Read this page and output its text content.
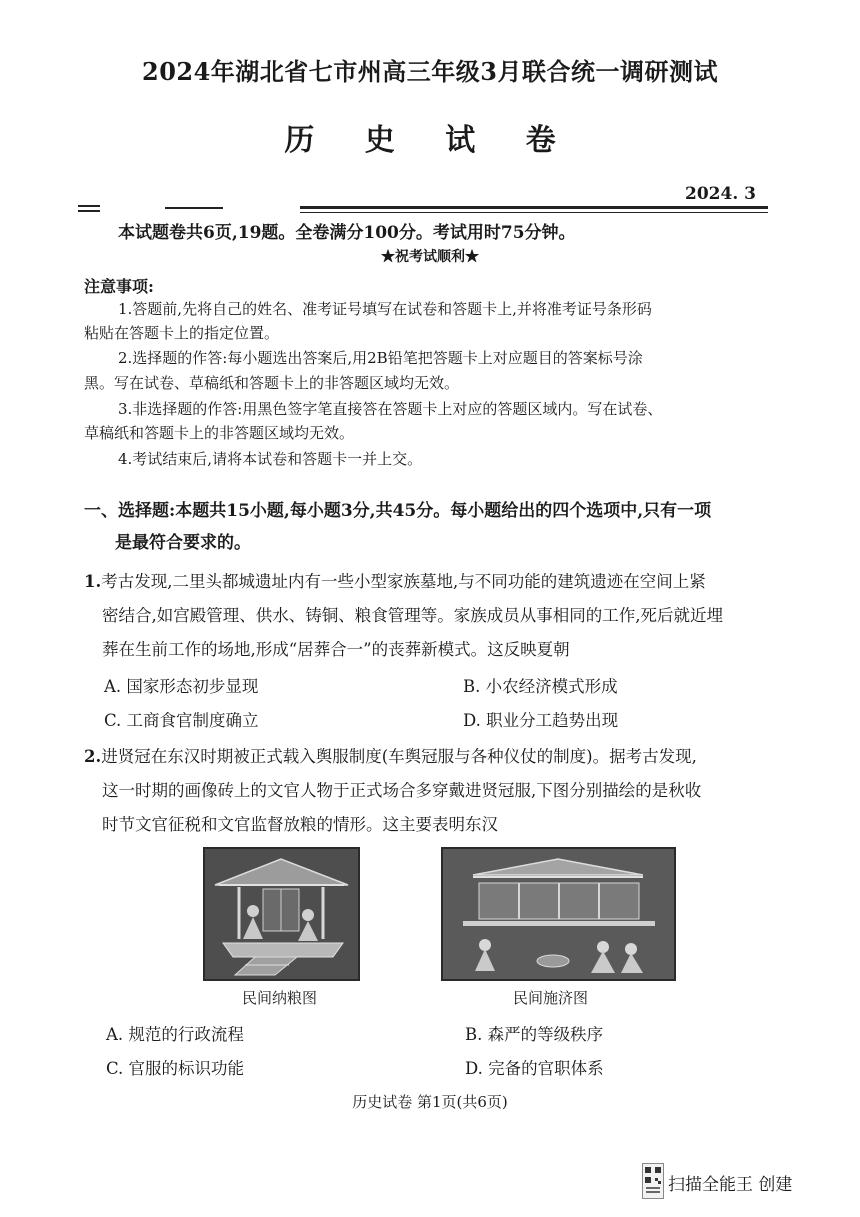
2024年湖北省七市州高三年级3月联合统一调研测试
历 史 试 卷
2024. 3
本试题卷共6页,19题。全卷满分100分。考试用时75分钟。
★祝考试顺利★
注意事项:
1.答题前,先将自己的姓名、准考证号填写在试卷和答题卡上,并将准考证号条形码
粘贴在答题卡上的指定位置。
2.选择题的作答:每小题选出答案后,用2B铅笔把答题卡上对应题目的答案标号涂
黑。写在试卷、草稿纸和答题卡上的非答题区域均无效。
3.非选择题的作答:用黑色签字笔直接答在答题卡上对应的答题区域内。写在试卷、
草稿纸和答题卡上的非答题区域均无效。
4.考试结束后,请将本试卷和答题卡一并上交。
一、选择题:本题共15小题,每小题3分,共45分。每小题给出的四个选项中,只有一项
是最符合要求的。
1.考古发现,二里头都城遗址内有一些小型家族墓地,与不同功能的建筑遗迹在空间上紧
密结合,如宫殿管理、供水、铸铜、粮食管理等。家族成员从事相同的工作,死后就近埋
葬在生前工作的场地,形成“居葬合一”的丧葬新模式。这反映夏朝
A. 国家形态初步显现	B. 小农经济模式形成
C. 工商食官制度确立	D. 职业分工趋势出现
2.进贤冠在东汉时期被正式载入舆服制度(车舆冠服与各种仪仗的制度)。据考古发现,
这一时期的画像砖上的文官人物于正式场合多穿戴进贤冠服,下图分别描绘的是秋收
时节文官征税和文官监督放粮的情形。这主要表明东汉
民间纳粮图	民间施济图
A. 规范的行政流程	B. 森严的等级秩序
C. 官服的标识功能	D. 完备的官职体系
历史试卷 第1页(共6页)
扫描全能王 创建
